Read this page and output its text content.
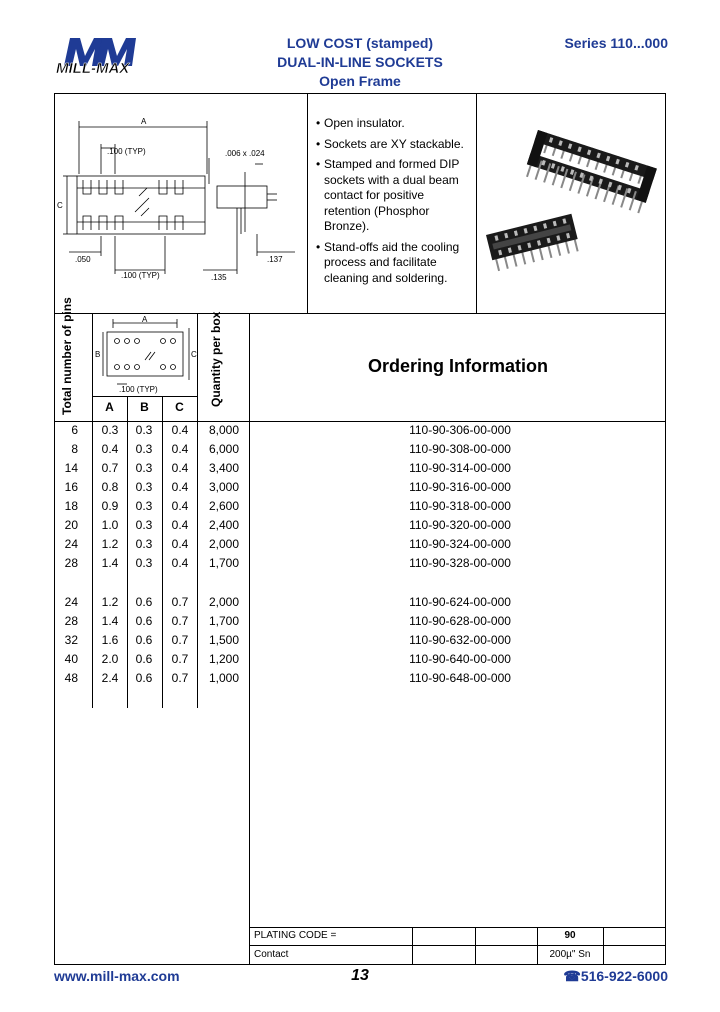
MILL-MAX
LOW COST (stamped)
DUAL-IN-LINE SOCKETS
Open Frame
Series 110...000
A
.100 (TYP)	.006 x .024
C
.050
.100 (TYP)	.135
.137
• Open insulator.
• Sockets are XY stackable.
• Stamped and formed DIP sockets with a dual beam contact for positive retention (Phosphor Bronze).
• Stand-offs aid the cooling process and facilitate cleaning and soldering.
Total number of pins	A
B	C
.100 (TYP)
A	B	C	Quantity per box	Ordering Information
6	0.3	0.3	0.4	8,000	110-90-306-00-000
8	0.4	0.3	0.4	6,000	110-90-308-00-000
14	0.7	0.3	0.4	3,400	110-90-314-00-000
16	0.8	0.3	0.4	3,000	110-90-316-00-000
18	0.9	0.3	0.4	2,600	110-90-318-00-000
20	1.0	0.3	0.4	2,400	110-90-320-00-000
24	1.2	0.3	0.4	2,000	110-90-324-00-000
28	1.4	0.3	0.4	1,700	110-90-328-00-000
24	1.2	0.6	0.7	2,000	110-90-624-00-000
28	1.4	0.6	0.7	1,700	110-90-628-00-000
32	1.6	0.6	0.7	1,500	110-90-632-00-000
40	2.0	0.6	0.7	1,200	110-90-640-00-000
48	2.4	0.6	0.7	1,000	110-90-648-00-000
PLATING CODE =	90
Contact	200µ" Sn
www.mill-max.com	13	☎516-922-6000
